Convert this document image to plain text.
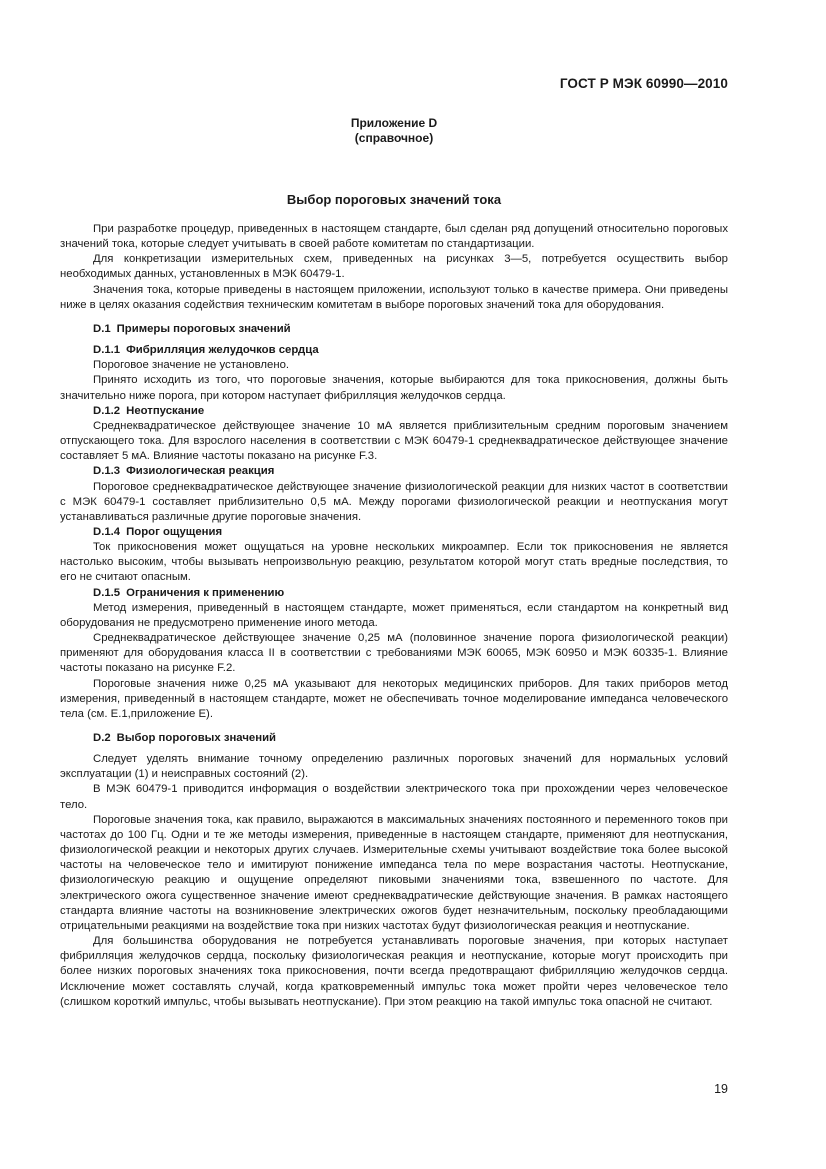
ГОСТ Р МЭК 60990—2010
Приложение D
(справочное)
Выбор пороговых значений тока

При разработке процедур, приведенных в настоящем стандарте, был сделан ряд допущений относительно пороговых значений тока, которые следует учитывать в своей работе комитетам по стандартизации.

Для конкретизации измерительных схем, приведенных на рисунках 3—5, потребуется осуществить выбор необходимых данных, установленных в МЭК 60479-1.

Значения тока, которые приведены в настоящем приложении, используют только в качестве примера. Они приведены ниже в целях оказания содействия техническим комитетам в выборе пороговых значений тока для оборудования.

D.1 Примеры пороговых значений

D.1.1 Фибрилляция желудочков сердца

Пороговое значение не установлено.

Принято исходить из того, что пороговые значения, которые выбираются для тока прикосновения, должны быть значительно ниже порога, при котором наступает фибрилляция желудочков сердца.

D.1.2 Неотпускание

Среднеквадратическое действующее значение 10 мА является приблизительным средним пороговым значением отпускающего тока. Для взрослого населения в соответствии с МЭК 60479-1 среднеквадратическое действующее значение составляет 5 мА. Влияние частоты показано на рисунке F.3.

D.1.3 Физиологическая реакция

Пороговое среднеквадратическое действующее значение физиологической реакции для низких частот в соответствии с МЭК 60479-1 составляет приблизительно 0,5 мА. Между порогами физиологической реакции и неотпускания могут устанавливаться различные другие пороговые значения.

D.1.4 Порог ощущения

Ток прикосновения может ощущаться на уровне нескольких микроампер. Если ток прикосновения не является настолько высоким, чтобы вызывать непроизвольную реакцию, результатом которой могут стать вредные последствия, то его не считают опасным.

D.1.5 Ограничения к применению

Метод измерения, приведенный в настоящем стандарте, может применяться, если стандартом на конкретный вид оборудования не предусмотрено применение иного метода.

Среднеквадратическое действующее значение 0,25 мА (половинное значение порога физиологической реакции) применяют для оборудования класса II в соответствии с требованиями МЭК 60065, МЭК 60950 и МЭК 60335-1. Влияние частоты показано на рисунке F.2.

Пороговые значения ниже 0,25 мА указывают для некоторых медицинских приборов. Для таких приборов метод измерения, приведенный в настоящем стандарте, может не обеспечивать точное моделирование импеданса человеческого тела (см. Е.1,приложение Е).

D.2 Выбор пороговых значений

Следует уделять внимание точному определению различных пороговых значений для нормальных условий эксплуатации (1) и неисправных состояний (2).

В МЭК 60479-1 приводится информация о воздействии электрического тока при прохождении через человеческое тело.

Пороговые значения тока, как правило, выражаются в максимальных значениях постоянного и переменного токов при частотах до 100 Гц. Одни и те же методы измерения, приведенные в настоящем стандарте, применяют для неотпускания, физиологической реакции и некоторых других случаев. Измерительные схемы учитывают воздействие тока более высокой частоты на человеческое тело и имитируют понижение импеданса тела по мере возрастания частоты. Неотпускание, физиологическую реакцию и ощущение определяют пиковыми значениями тока, взвешенного по частоте. Для электрического ожога существенное значение имеют среднеквадратические действующие значения. В рамках настоящего стандарта влияние частоты на возникновение электрических ожогов будет незначительным, поскольку преобладающими отрицательными реакциями на воздействие тока при низких частотах будут физиологическая реакция и неотпускание.

Для большинства оборудования не потребуется устанавливать пороговые значения, при которых наступает фибрилляция желудочков сердца, поскольку физиологическая реакция и неотпускание, которые могут происходить при более низких пороговых значениях тока прикосновения, почти всегда предотвращают фибрилляцию желудочков сердца. Исключение может составлять случай, когда кратковременный импульс тока может пройти через человеческое тело (слишком короткий импульс, чтобы вызывать неотпускание). При этом реакцию на такой импульс тока опасной не считают.

19
